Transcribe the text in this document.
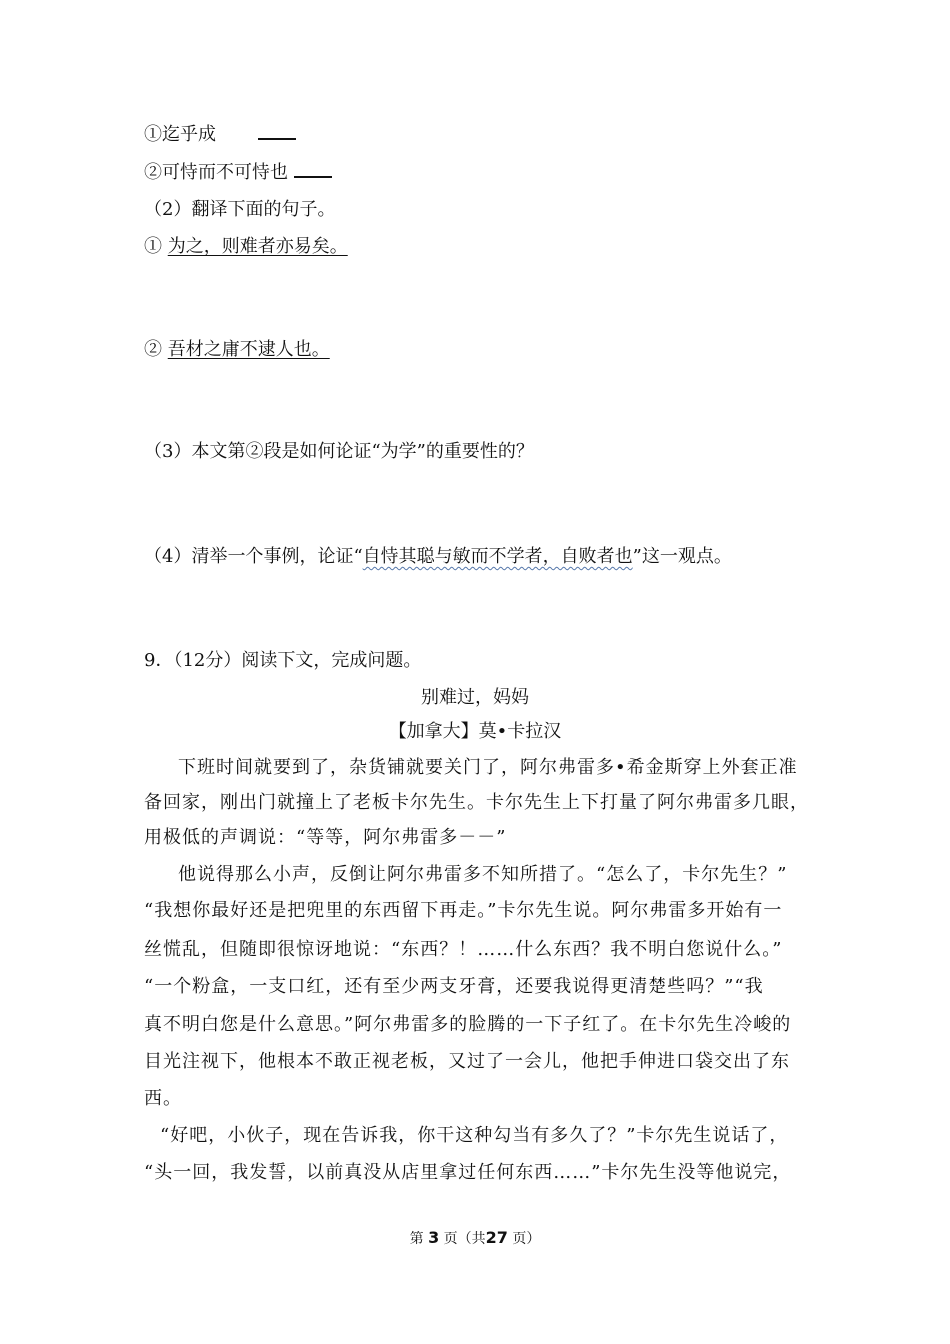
①迄乎成
②可恃而不可恃也
（2）翻译下面的句子。
① 为之，则难者亦易矣。
② 吾材之庸不逮人也。
（3）本文第②段是如何论证“为学”的重要性的？
（4）清举一个事例，论证“自恃其聪与敏而不学者，自败者也”这一观点。
9．（12分）阅读下文，完成问题。
别难过，妈妈
【加拿大】莫•卡拉汉
下班时间就要到了，杂货铺就要关门了，阿尔弗雷多•希金斯穿上外套正准
备回家，刚出门就撞上了老板卡尔先生。卡尔先生上下打量了阿尔弗雷多几眼，
用极低的声调说：“等等，阿尔弗雷多－－”
他说得那么小声，反倒让阿尔弗雷多不知所措了。“怎么了，卡尔先生？”
“我想你最好还是把兜里的东西留下再走。”卡尔先生说。阿尔弗雷多开始有一
丝慌乱，但随即很惊讶地说：“东西？！……什么东西？我不明白您说什么。”
“一个粉盒，一支口红，还有至少两支牙膏，还要我说得更清楚些吗？”“我
真不明白您是什么意思。”阿尔弗雷多的脸腾的一下子红了。在卡尔先生冷峻的
目光注视下，他根本不敢正视老板，又过了一会儿，他把手伸进口袋交出了东
西。
“好吧，小伙子，现在告诉我，你干这种勾当有多久了？”卡尔先生说话了，
“头一回，我发誓，以前真没从店里拿过任何东西……”卡尔先生没等他说完，
第 3 页（共27 页）
